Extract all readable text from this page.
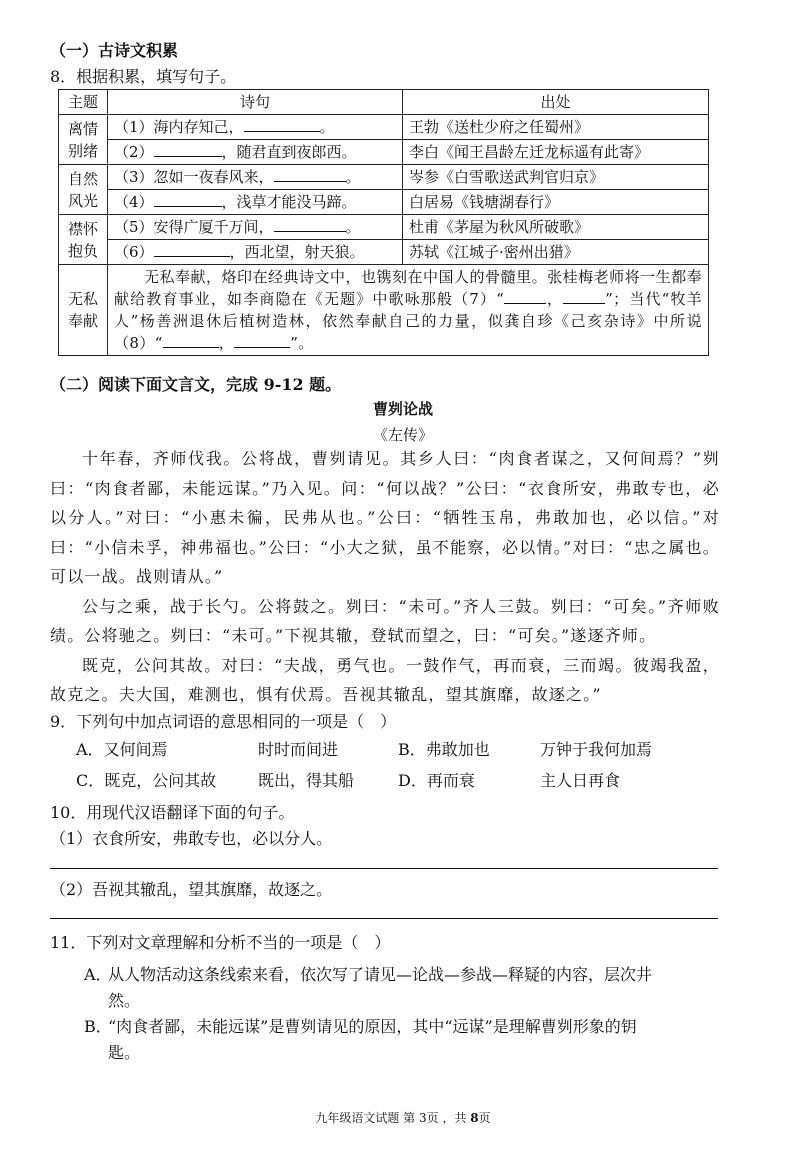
（一）古诗文积累
8．根据积累，填写句子。
主题	诗句	出处
离情别绪	（1）海内存知己， 。	王勃《送杜少府之任蜀州》
	（2） ，随君直到夜郎西。	李白《闻王昌龄左迁龙标遥有此寄》
自然风光	（3）忽如一夜春风来， 。	岑参《白雪歌送武判官归京》
	（4） ，浅草才能没马蹄。	白居易《钱塘湖春行》
襟怀抱负	（5）安得广厦千万间， 。	杜甫《茅屋为秋风所破歌》
	（6） ，西北望，射天狼。	苏轼《江城子·密州出猎》
无私奉献	无私奉献，烙印在经典诗文中，也镌刻在中国人的骨髓里。张桂梅老师将一生都奉献给教育事业，如李商隐在《无题》中歌咏那般（7）“ ， ”；当代“牧羊人”杨善洲退休后植树造林，依然奉献自己的力量，似龚自珍《己亥杂诗》中所说（8）“ ， ”。	
（二）阅读下面文言文，完成 9-12 题。
曹刿论战
《左传》

十年春，齐师伐我。公将战，曹刿请见。其乡人曰：“肉食者谋之，又何间焉？”刿曰：“肉食者鄙，未能远谋。”乃入见。问：“何以战？”公曰：“衣食所安，弗敢专也，必以分人。”对曰：“小惠未徧，民弗从也。”公曰：“牺牲玉帛，弗敢加也，必以信。”对曰：“小信未孚，神弗福也。”公曰：“小大之狱，虽不能察，必以情。”对曰：“忠之属也。可以一战。战则请从。”

公与之乘，战于长勺。公将鼓之。刿曰：“未可。”齐人三鼓。刿曰：“可矣。”齐师败绩。公将驰之。刿曰：“未可。”下视其辙，登轼而望之，曰：“可矣。”遂逐齐师。

既克，公问其故。对曰：“夫战，勇气也。一鼓作气，再而衰，三而竭。彼竭我盈，故克之。夫大国，难测也，惧有伏焉。吾视其辙乱，望其旗靡，故逐之。”

9．下列句中加点词语的意思相同的一项是（　）
A．又何间焉	时时而间进	B．弗敢加也	万钟于我何加焉
C．既克，公问其故	既出，得其船	D．再而衰	主人日再食
10．用现代汉语翻译下面的句子。
（1）衣食所安，弗敢专也，必以分人。
（2）吾视其辙乱，望其旗靡，故逐之。
11．下列对文章理解和分析不当的一项是（　）
A．
从人物活动这条线索来看，依次写了请见—论战—参战—释疑的内容，层次井
然。
B．
“肉食者鄙，未能远谋”是曹刿请见的原因，其中“远谋”是理解曹刿形象的钥
匙。
九年级语文试题 第 3页 ，共 8页
